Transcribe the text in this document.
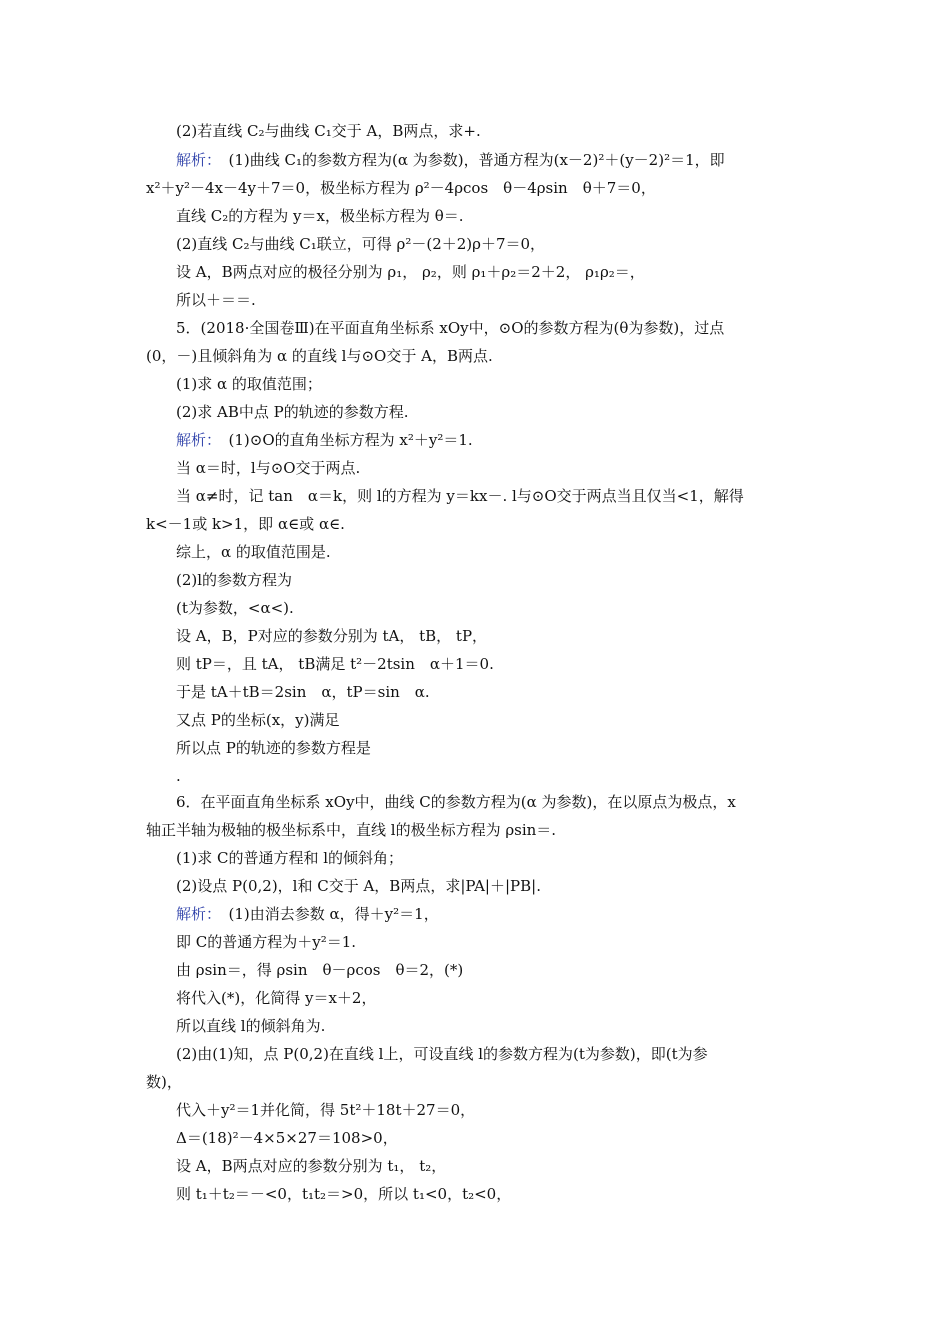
(2)若直线 C₂与曲线 C₁交于 A，B两点，求+.
解析：　(1)曲线 C₁的参数方程为(α 为参数)，普通方程为(x－2)²＋(y－2)²＝1，即
x²＋y²－4x－4y＋7＝0，极坐标方程为 ρ²－4ρcos　θ－4ρsin　θ＋7＝0，
直线 C₂的方程为 y＝x，极坐标方程为 θ＝.
(2)直线 C₂与曲线 C₁联立，可得 ρ²－(2＋2)ρ＋7＝0，
设 A，B两点对应的极径分别为 ρ₁， ρ₂，则 ρ₁＋ρ₂＝2＋2， ρ₁ρ₂＝，
所以＋＝＝.
5．(2018·全国卷Ⅲ)在平面直角坐标系 xOy中，⊙O的参数方程为(θ为参数)，过点
(0，－)且倾斜角为 α 的直线 l与⊙O交于 A，B两点.
(1)求 α 的取值范围；
(2)求 AB中点 P的轨迹的参数方程.
解析：　(1)⊙O的直角坐标方程为 x²＋y²＝1.
当 α＝时，l与⊙O交于两点.
当 α≠时，记 tan　α＝k，则 l的方程为 y＝kx－. l与⊙O交于两点当且仅当<1，解得
k<－1或 k>1，即 α∈或 α∈.
综上，α 的取值范围是.
(2)l的参数方程为
(t为参数，<α<).
设 A，B，P对应的参数分别为 tA， tB， tP，
则 tP＝，且 tA， tB满足 t²－2tsin　α＋1＝0.
于是 tA＋tB＝2sin　α，tP＝sin　α.
又点 P的坐标(x，y)满足
所以点 P的轨迹的参数方程是
.
6．在平面直角坐标系 xOy中，曲线 C的参数方程为(α 为参数)，在以原点为极点，x
轴正半轴为极轴的极坐标系中，直线 l的极坐标方程为 ρsin＝.
(1)求 C的普通方程和 l的倾斜角；
(2)设点 P(0,2)，l和 C交于 A，B两点，求|PA|＋|PB|.
解析：　(1)由消去参数 α，得＋y²＝1，
即 C的普通方程为＋y²＝1.
由 ρsin＝，得 ρsin　θ－ρcos　θ＝2，(*)
将代入(*)，化简得 y＝x＋2，
所以直线 l的倾斜角为.
(2)由(1)知，点 P(0,2)在直线 l上，可设直线 l的参数方程为(t为参数)，即(t为参
数)，
代入＋y²＝1并化简，得 5t²＋18t＋27＝0，
Δ＝(18)²－4×5×27＝108>0，
设 A，B两点对应的参数分别为 t₁， t₂，
则 t₁＋t₂＝－<0，t₁t₂＝>0，所以 t₁<0，t₂<0，
